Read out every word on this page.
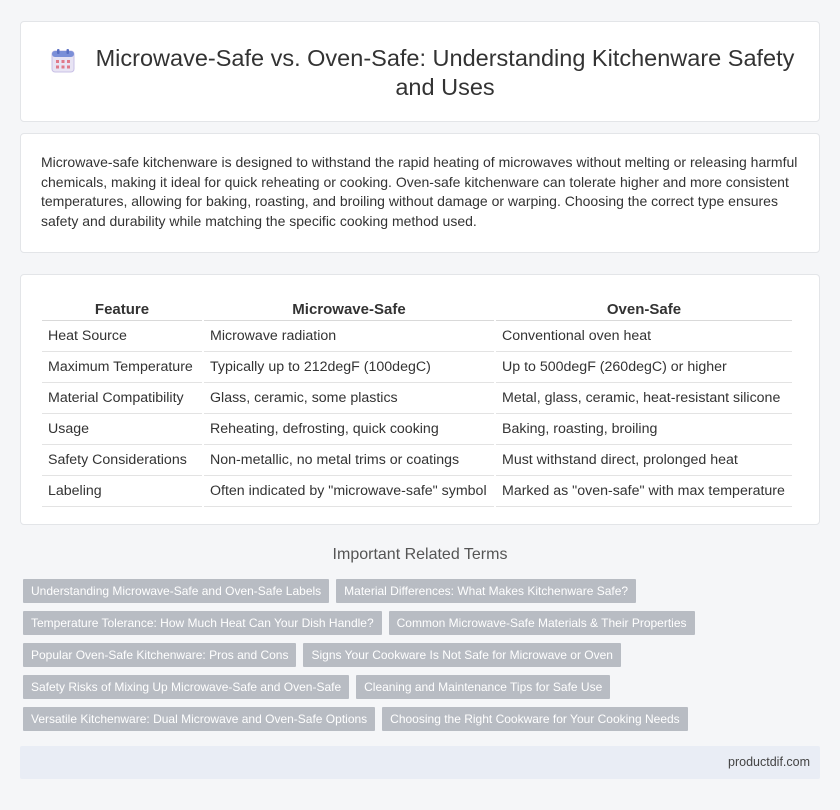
Microwave-Safe vs. Oven-Safe: Understanding Kitchenware Safety and Uses

Microwave-safe kitchenware is designed to withstand the rapid heating of microwaves without melting or releasing harmful chemicals, making it ideal for quick reheating or cooking. Oven-safe kitchenware can tolerate higher and more consistent temperatures, allowing for baking, roasting, and broiling without damage or warping. Choosing the correct type ensures safety and durability while matching the specific cooking method used.

Feature	Microwave-Safe	Oven-Safe
Heat Source	Microwave radiation	Conventional oven heat
Maximum Temperature	Typically up to 212degF (100degC)	Up to 500degF (260degC) or higher
Material Compatibility	Glass, ceramic, some plastics	Metal, glass, ceramic, heat-resistant silicone
Usage	Reheating, defrosting, quick cooking	Baking, roasting, broiling
Safety Considerations	Non-metallic, no metal trims or coatings	Must withstand direct, prolonged heat
Labeling	Often indicated by "microwave-safe" symbol	Marked as "oven-safe" with max temperature
Important Related Terms
Understanding Microwave-Safe and Oven-Safe Labels	Material Differences: What Makes Kitchenware Safe?
Temperature Tolerance: How Much Heat Can Your Dish Handle?	Common Microwave-Safe Materials & Their Properties
Popular Oven-Safe Kitchenware: Pros and Cons	Signs Your Cookware Is Not Safe for Microwave or Oven
Safety Risks of Mixing Up Microwave-Safe and Oven-Safe	Cleaning and Maintenance Tips for Safe Use
Versatile Kitchenware: Dual Microwave and Oven-Safe Options	Choosing the Right Cookware for Your Cooking Needs
productdif.com
